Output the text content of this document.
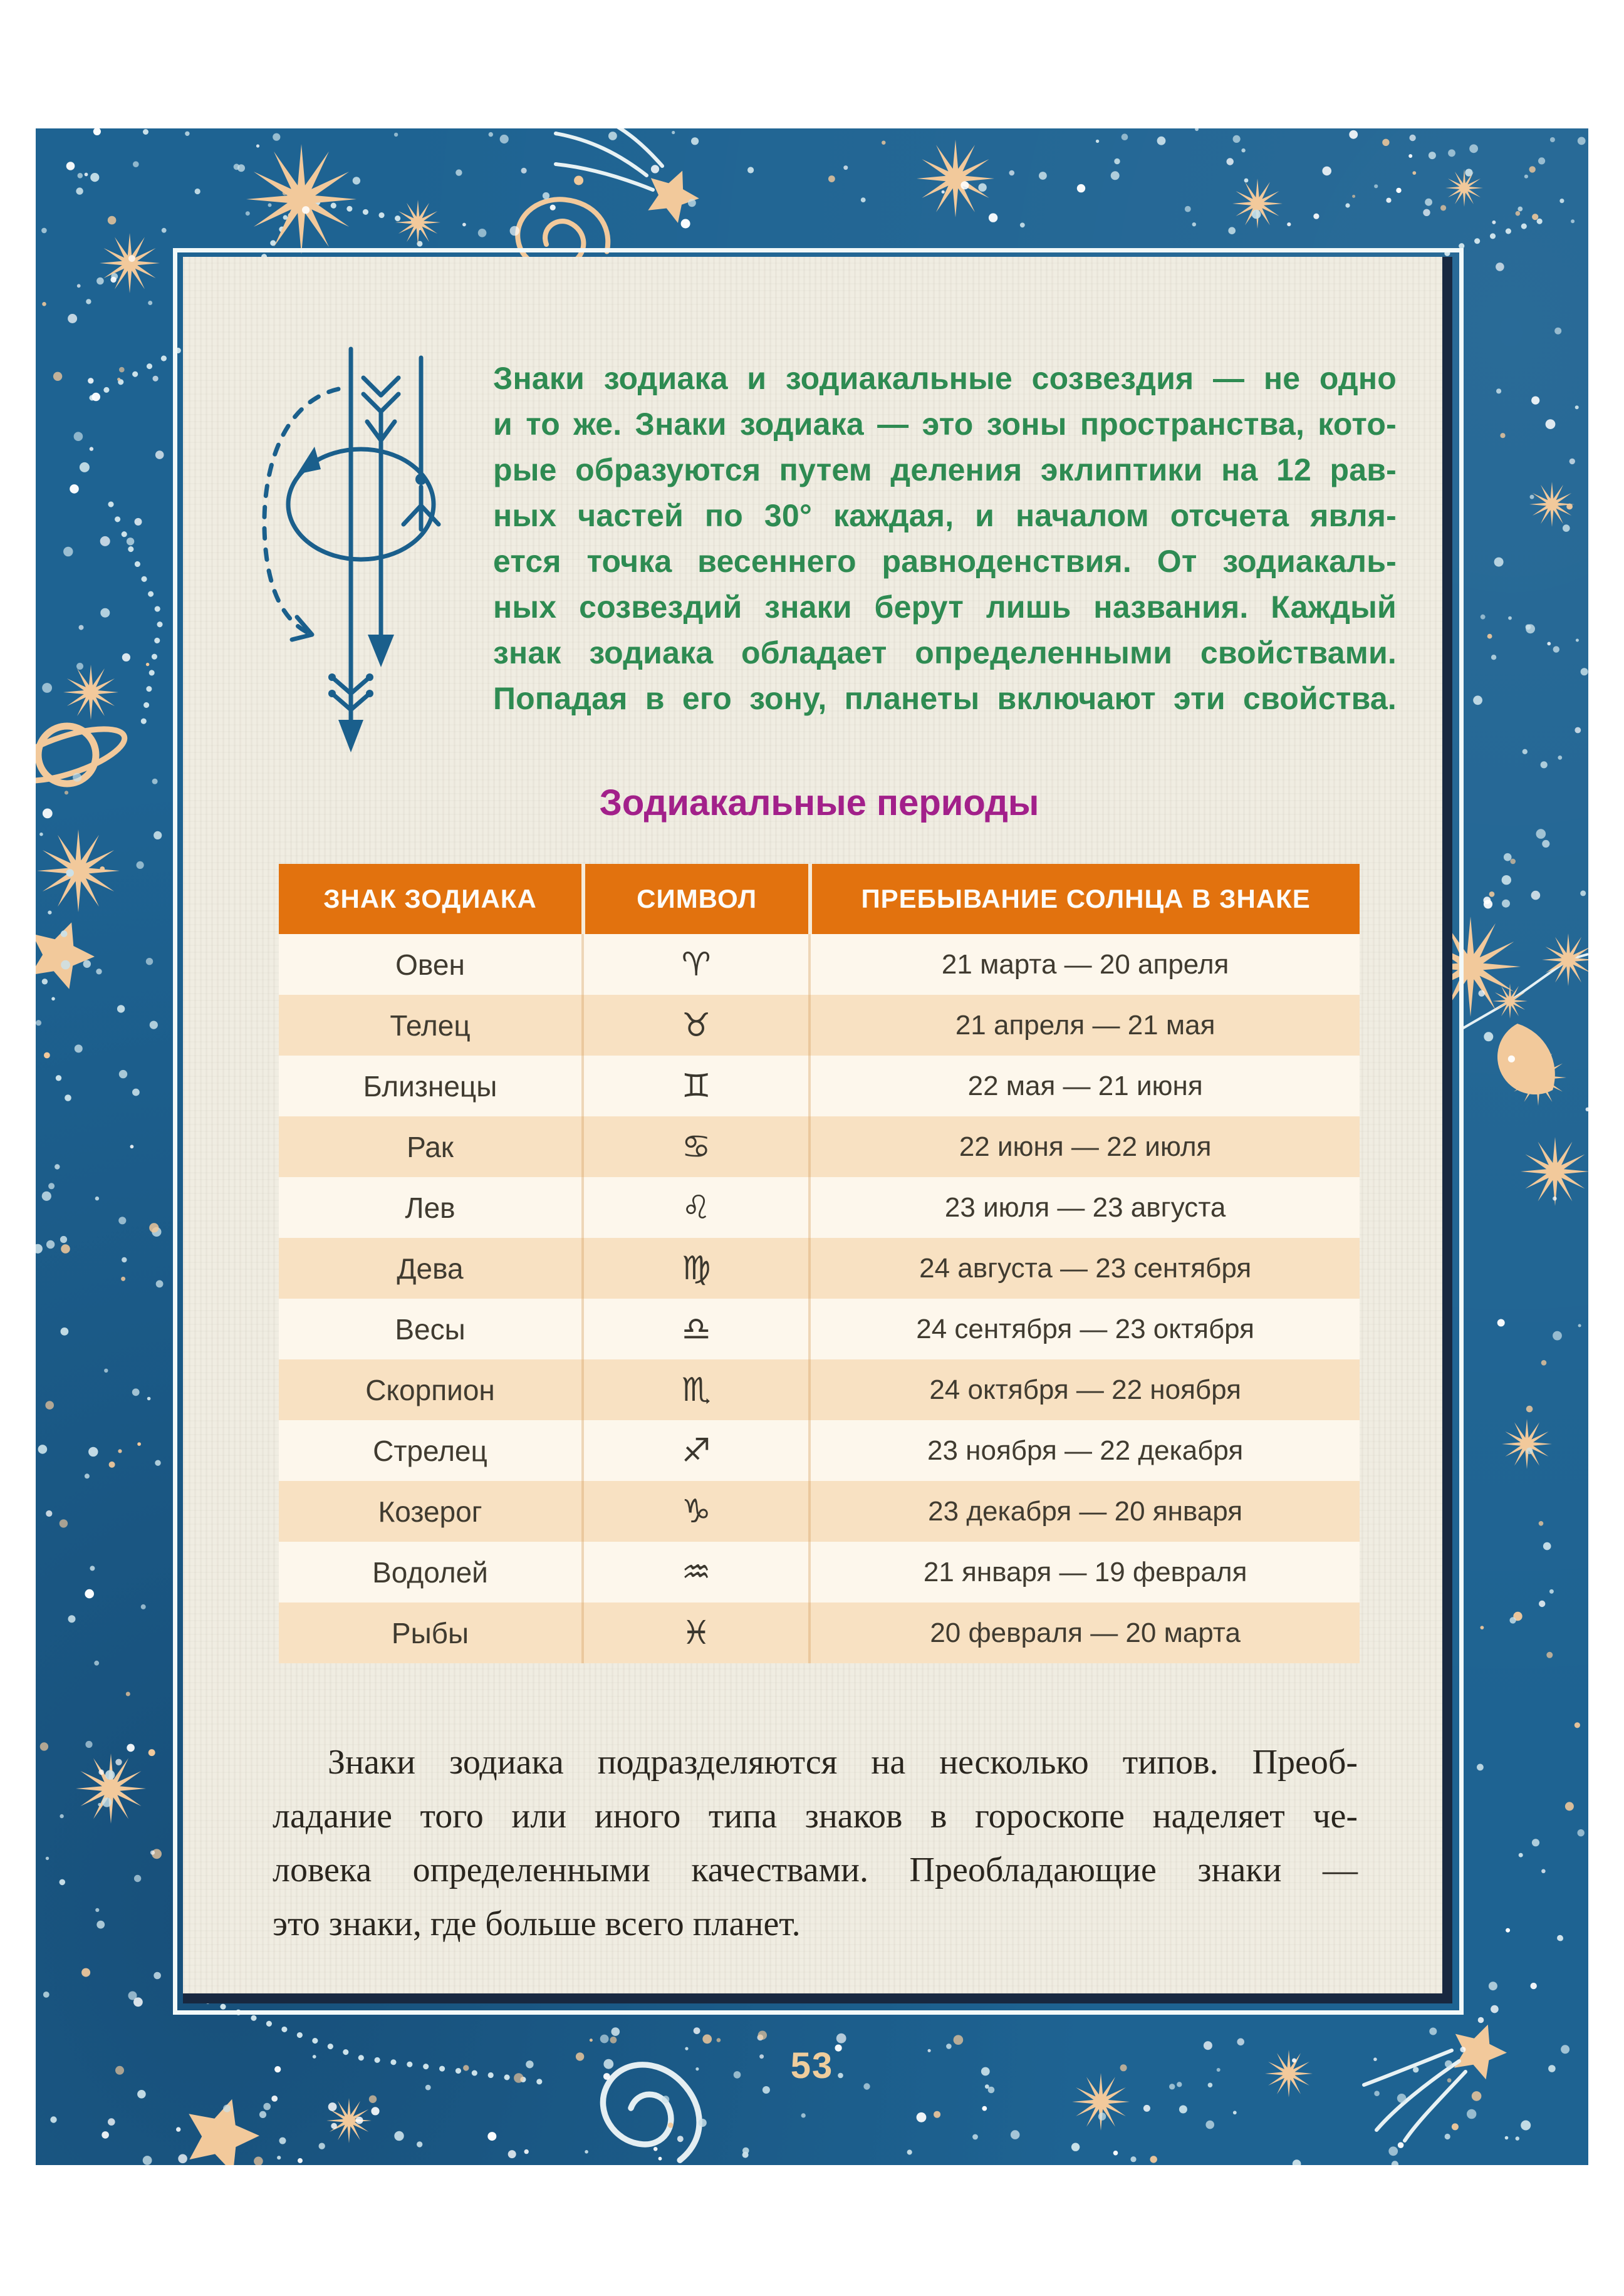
Знаки зодиака и зодиакальные созвездия — не одно
и то же. Знаки зодиака — это зоны пространства, кото-
рые образуются путем деления эклиптики на 12 рав-
ных частей по 30° каждая, и началом отсчета явля-
ется точка весеннего равноденствия. От зодиакаль-
ных созвездий знаки берут лишь названия. Каждый
знак зодиака обладает определенными свойствами.
Попадая в его зону, планеты включают эти свойства.
Зодиакальные периоды
ЗНАК ЗОДИАКА	СИМВОЛ	ПРЕБЫВАНИЕ СОЛНЦА В ЗНАКЕ
Овен	♈	21 марта — 20 апреля
Телец	♉	21 апреля — 21 мая
Близнецы	♊	22 мая — 21 июня
Рак	♋	22 июня — 22 июля
Лев	♌	23 июля — 23 августа
Дева	♍	24 августа — 23 сентября
Весы	♎	24 сентября — 23 октября
Скорпион	♏	24 октября — 22 ноября
Стрелец	♐	23 ноября — 22 декабря
Козерог	♑	23 декабря — 20 января
Водолей	♒	21 января — 19 февраля
Рыбы	♓	20 февраля — 20 марта
Знаки зодиака подразделяются на несколько типов. Преоб-
ладание того или иного типа знаков в гороскопе наделяет че-
ловека определенными качествами. Преобладающие знаки —
это знаки, где больше всего планет.
53
